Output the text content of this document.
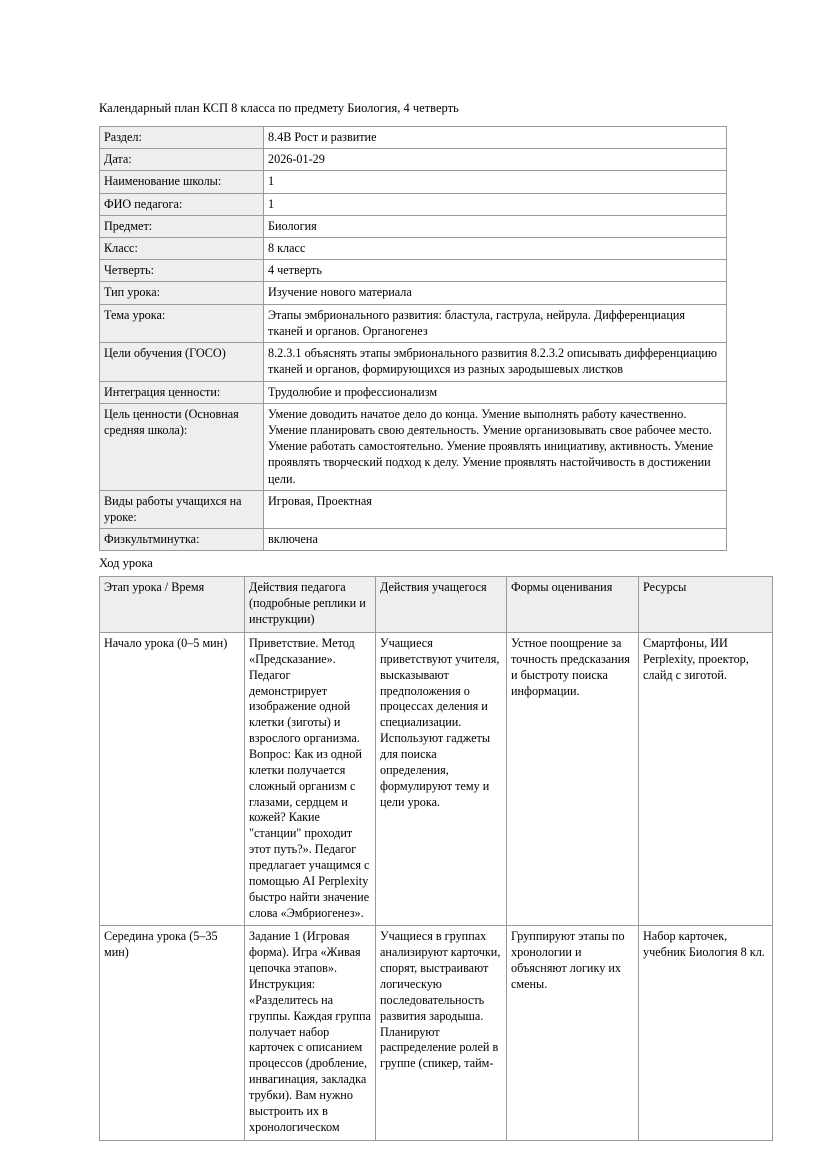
Календарный план КСП 8 класса по предмету Биология, 4 четверть
Раздел:	8.4В Рост и развитие
Дата:	2026-01-29
Наименование школы:	1
ФИО педагога:	1
Предмет:	Биология
Класс:	8 класс
Четверть:	4 четверть
Тип урока:	Изучение нового материала
Тема урока:	Этапы эмбрионального развития: бластула, гаструла, нейрула. Дифференциация тканей и органов. Органогенез
Цели обучения (ГОСО)	8.2.3.1 объяснять этапы эмбрионального развития 8.2.3.2 описывать дифференциацию тканей и органов, формирующихся из разных зародышевых листков
Интеграция ценности:	Трудолюбие и профессионализм
Цель ценности (Основная средняя школа):	Умение доводить начатое дело до конца. Умение выполнять работу качественно. Умение планировать свою деятельность. Умение организовывать свое рабочее место. Умение работать самостоятельно. Умение проявлять инициативу, активность. Умение проявлять творческий подход к делу. Умение проявлять настойчивость в достижении цели.
Виды работы учащихся на уроке:	Игровая, Проектная
Физкультминутка:	включена
Ход урока
Этап урока / Время	Действия педагога (подробные реплики и инструкции)	Действия учащегося	Формы оценивания	Ресурсы
Начало урока (0–5 мин)	Приветствие. Метод «Предсказание». Педагог демонстрирует изображение одной клетки (зиготы) и взрослого организма. Вопрос: Как из одной клетки получается сложный организм с глазами, сердцем и кожей? Какие "станции" проходит этот путь?». Педагог предлагает учащимся с помощью AI Perplexity быстро найти значение слова «Эмбриогенез».	Учащиеся приветствуют учителя, высказывают предположения о процессах деления и специализации. Используют гаджеты для поиска определения, формулируют тему и цели урока.	Устное поощрение за точность предсказания и быстроту поиска информации.	Смартфоны, ИИ Perplexity, проектор, слайд с зиготой.
Середина урока (5–35 мин)	Задание 1 (Игровая форма). Игра «Живая цепочка этапов». Инструкция: «Разделитесь на группы. Каждая группа получает набор карточек с описанием процессов (дробление, инвагинация, закладка трубки). Вам нужно выстроить их в хронологическом	Учащиеся в группах анализируют карточки, спорят, выстраивают логическую последовательность развития зародыша. Планируют распределение ролей в группе (спикер, тайм-	Группируют этапы по хронологии и объясняют логику их смены.	Набор карточек, учебник Биология 8 кл.
